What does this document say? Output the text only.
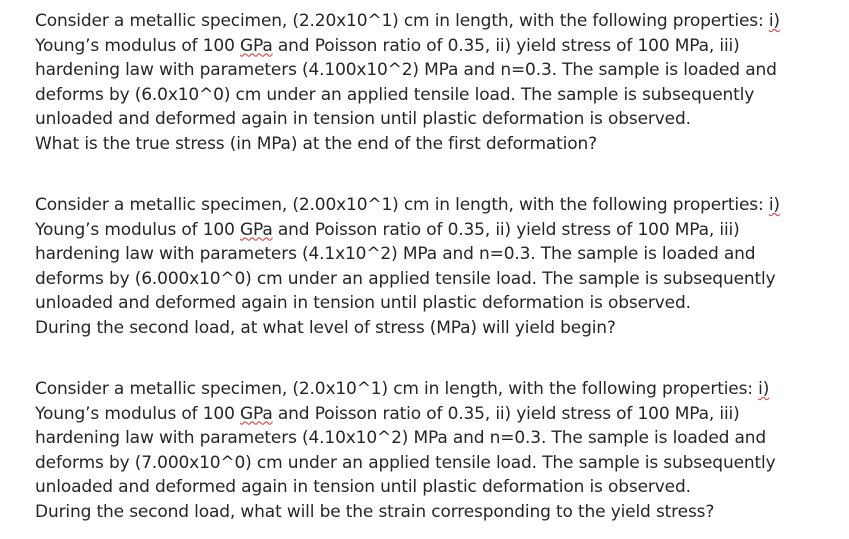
Consider a metallic specimen, (2.20x10^1) cm in length, with the following properties: i)
Young’s modulus of 100 GPa and Poisson ratio of 0.35, ii) yield stress of 100 MPa, iii)
hardening law with parameters (4.100x10^2) MPa and n=0.3. The sample is loaded and
deforms by (6.0x10^0) cm under an applied tensile load. The sample is subsequently
unloaded and deformed again in tension until plastic deformation is observed.
What is the true stress (in MPa) at the end of the first deformation?
Consider a metallic specimen, (2.00x10^1) cm in length, with the following properties: i)
Young’s modulus of 100 GPa and Poisson ratio of 0.35, ii) yield stress of 100 MPa, iii)
hardening law with parameters (4.1x10^2) MPa and n=0.3. The sample is loaded and
deforms by (6.000x10^0) cm under an applied tensile load. The sample is subsequently
unloaded and deformed again in tension until plastic deformation is observed.
During the second load, at what level of stress (MPa) will yield begin?
Consider a metallic specimen, (2.0x10^1) cm in length, with the following properties: i)
Young’s modulus of 100 GPa and Poisson ratio of 0.35, ii) yield stress of 100 MPa, iii)
hardening law with parameters (4.10x10^2) MPa and n=0.3. The sample is loaded and
deforms by (7.000x10^0) cm under an applied tensile load. The sample is subsequently
unloaded and deformed again in tension until plastic deformation is observed.
During the second load, what will be the strain corresponding to the yield stress?
